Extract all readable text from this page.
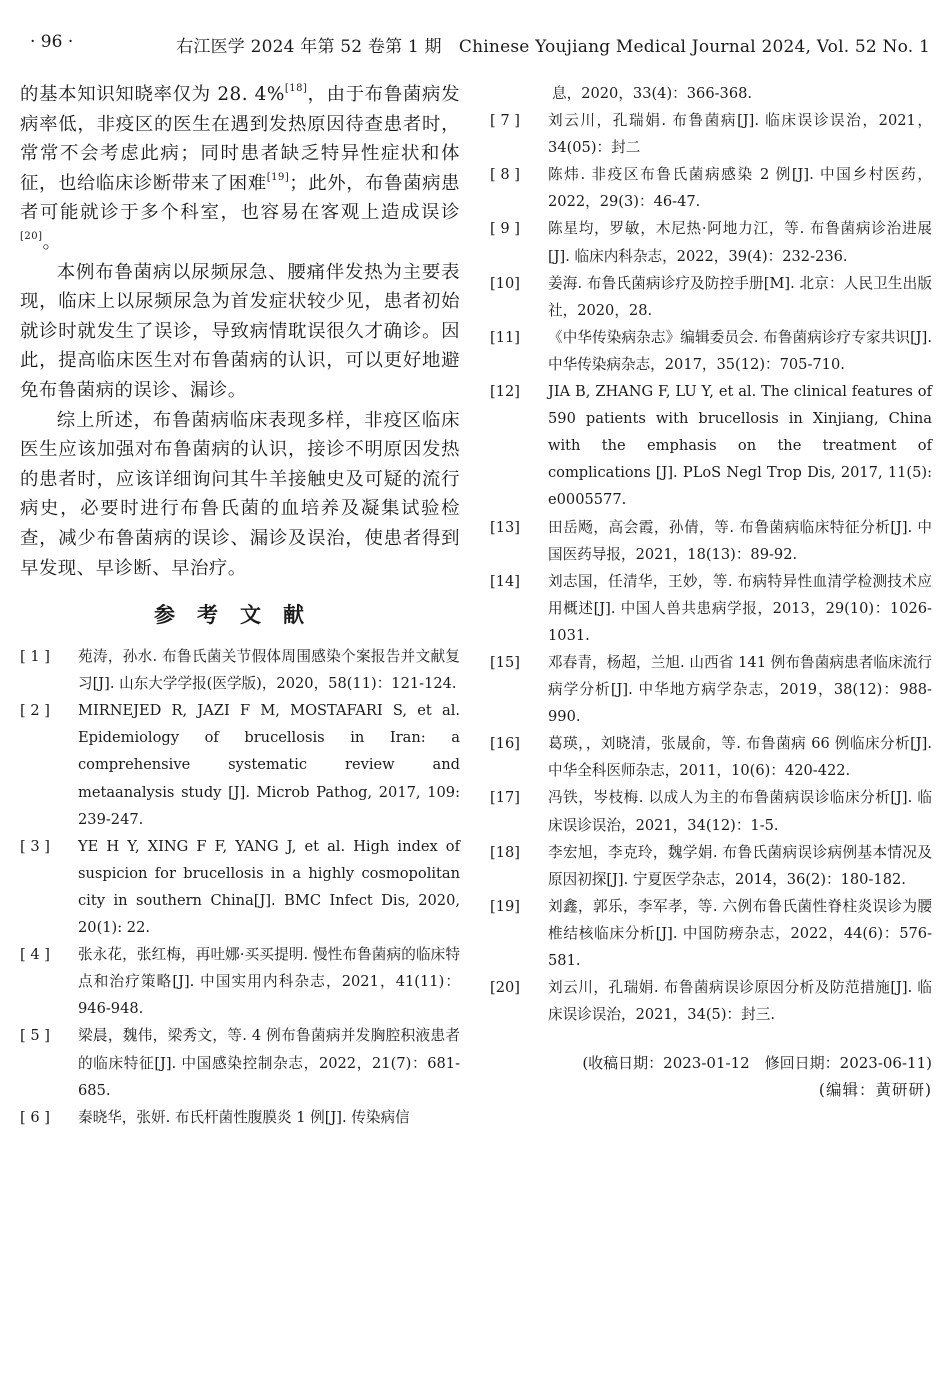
· 96 ·	右江医学 2024 年第 52 卷第 1 期　Chinese Youjiang Medical Journal 2024, Vol. 52 No. 1

的基本知识知晓率仅为 28. 4%[18]，由于布鲁菌病发病率低，非疫区的医生在遇到发热原因待查患者时，常常不会考虑此病；同时患者缺乏特异性症状和体征，也给临床诊断带来了困难[19]；此外，布鲁菌病患者可能就诊于多个科室，也容易在客观上造成误诊[20]。

本例布鲁菌病以尿频尿急、腰痛伴发热为主要表现，临床上以尿频尿急为首发症状较少见，患者初始就诊时就发生了误诊，导致病情耽误很久才确诊。因此，提高临床医生对布鲁菌病的认识，可以更好地避免布鲁菌病的误诊、漏诊。

综上所述，布鲁菌病临床表现多样，非疫区临床医生应该加强对布鲁菌病的认识，接诊不明原因发热的患者时，应该详细询问其牛羊接触史及可疑的流行病史，必要时进行布鲁氏菌的血培养及凝集试验检查，减少布鲁菌病的误诊、漏诊及误治，使患者得到早发现、早诊断、早治疗。

参考文献

[ 1 ]	苑涛，孙水. 布鲁氏菌关节假体周围感染个案报告并文献复习[J]. 山东大学学报(医学版)，2020，58(11)：121-124.

[ 2 ]	MIRNEJED R, JAZI F M, MOSTAFARI S, et al. Epidemiology of brucellosis in Iran: a comprehensive systematic review and metaanalysis study [J]. Microb Pathog, 2017, 109: 239-247.

[ 3 ]	YE H Y, XING F F, YANG J, et al. High index of suspicion for brucellosis in a highly cosmopolitan city in southern China[J]. BMC Infect Dis, 2020, 20(1): 22.

[ 4 ]	张永花，张红梅，再吐娜·买买提明. 慢性布鲁菌病的临床特点和治疗策略[J]. 中国实用内科杂志，2021，41(11)：946-948.

[ 5 ]	梁晨，魏伟，梁秀文，等. 4 例布鲁菌病并发胸腔积液患者的临床特征[J]. 中国感染控制杂志，2022，21(7)：681-685.

[ 6 ]	秦晓华，张妍. 布氏杆菌性腹膜炎 1 例[J]. 传染病信

息，2020，33(4)：366-368.

[ 7 ]	刘云川，孔瑞娟. 布鲁菌病[J]. 临床误诊误治，2021，34(05)：封二

[ 8 ]	陈炜. 非疫区布鲁氏菌病感染 2 例[J]. 中国乡村医药，2022，29(3)：46-47.

[ 9 ]	陈星均，罗敏，木尼热·阿地力江，等. 布鲁菌病诊治进展[J]. 临床内科杂志，2022，39(4)：232-236.

[10]	姜海. 布鲁氏菌病诊疗及防控手册[M]. 北京：人民卫生出版社，2020，28.

[11]	《中华传染病杂志》编辑委员会. 布鲁菌病诊疗专家共识[J]. 中华传染病杂志，2017，35(12)：705-710.

[12]	JIA B, ZHANG F, LU Y, et al. The clinical features of 590 patients with brucellosis in Xinjiang, China with the emphasis on the treatment of complications [J]. PLoS Negl Trop Dis, 2017, 11(5): e0005577.

[13]	田岳飏，高会霞，孙倩，等. 布鲁菌病临床特征分析[J]. 中国医药导报，2021，18(13)：89-92.

[14]	刘志国，任清华，王妙，等. 布病特异性血清学检测技术应用概述[J]. 中国人兽共患病学报，2013，29(10)：1026-1031.

[15]	邓春青，杨超，兰旭. 山西省 141 例布鲁菌病患者临床流行病学分析[J]. 中华地方病学杂志，2019，38(12)：988-990.

[16]	葛瑛，，刘晓清，张晟俞，等. 布鲁菌病 66 例临床分析[J]. 中华全科医师杂志，2011，10(6)：420-422.

[17]	冯铁，岑枝梅. 以成人为主的布鲁菌病误诊临床分析[J]. 临床误诊误治，2021，34(12)：1-5.

[18]	李宏旭，李克玲，魏学娟. 布鲁氏菌病误诊病例基本情况及原因初探[J]. 宁夏医学杂志，2014，36(2)：180-182.

[19]	刘鑫，郭乐，李军孝，等. 六例布鲁氏菌性脊柱炎误诊为腰椎结核临床分析[J]. 中国防痨杂志，2022，44(6)：576-581.

[20]	刘云川，孔瑞娟. 布鲁菌病误诊原因分析及防范措施[J]. 临床误诊误治，2021，34(5)：封三.

(收稿日期：2023-01-12　修回日期：2023-06-11)
(编辑：黄研研)
